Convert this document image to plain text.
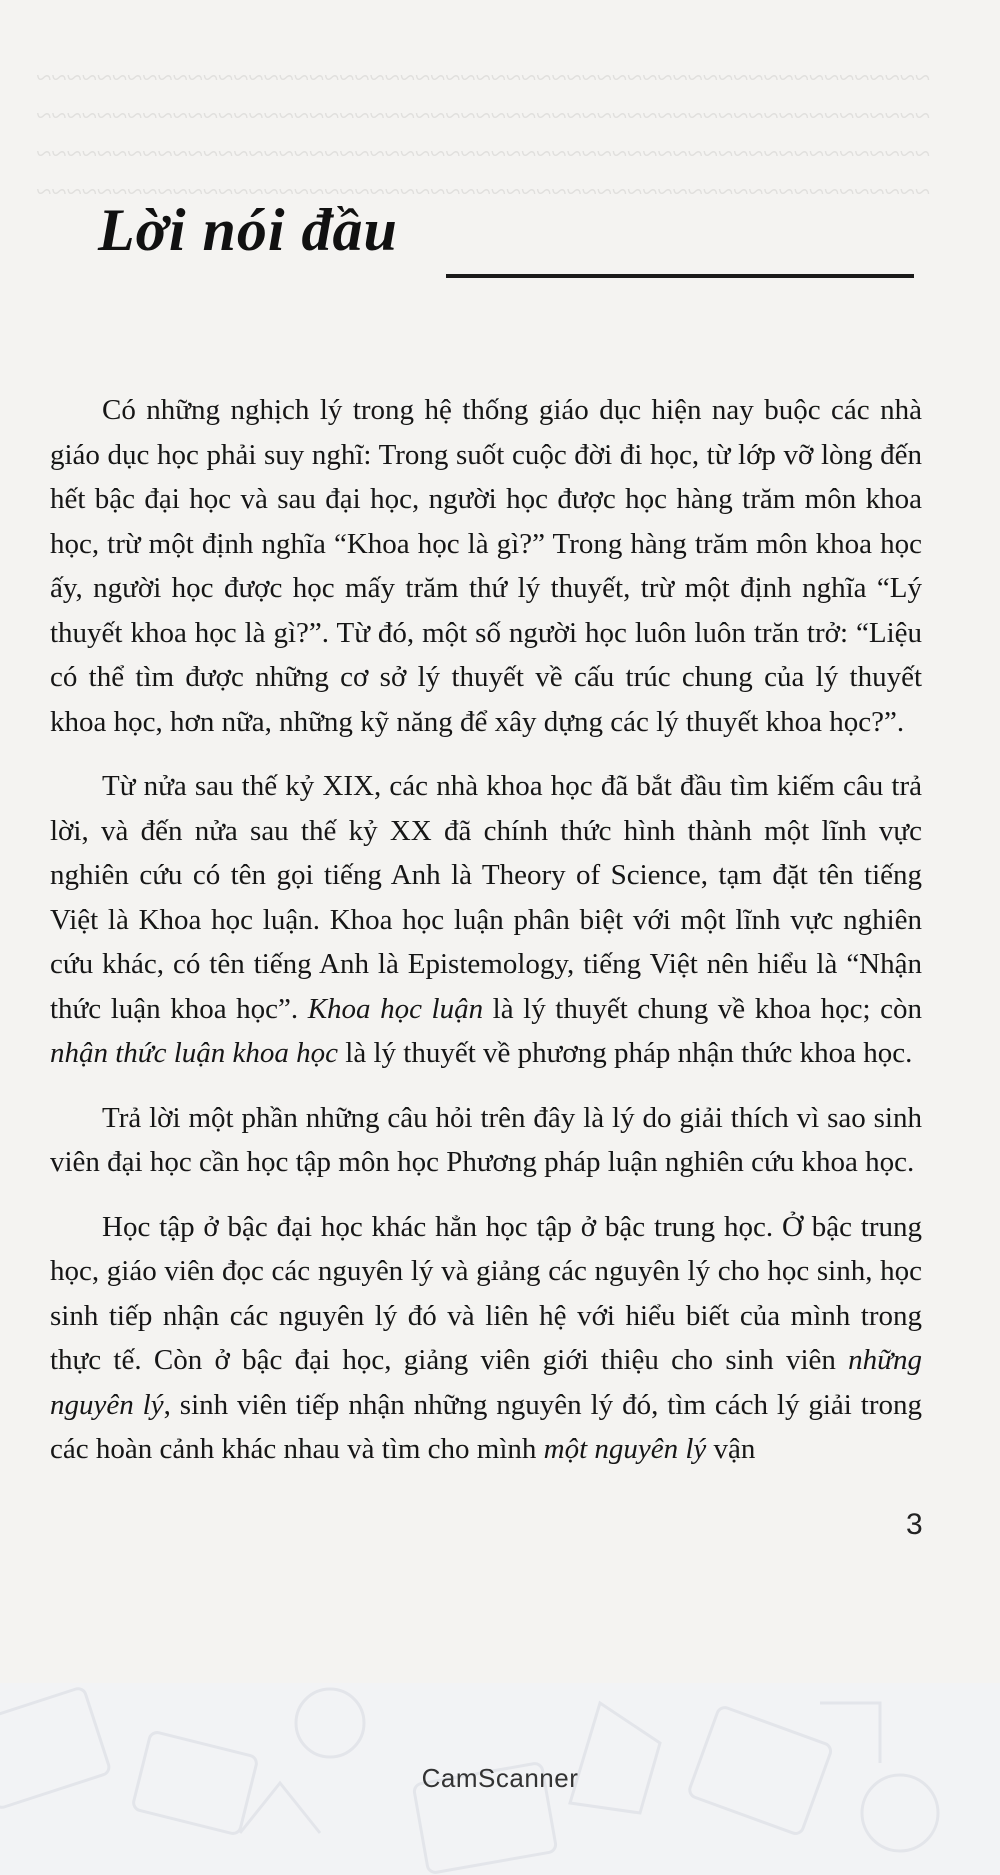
~~~~~~~~~~~~~~~~~~~~~~~~~~~~~~~~~~~~~~~~~~~~~~~~~~~~~~~~~~~
~~~~~~~~~~~~~~~~~~~~~~~~~~~~~~~~~~~~~~~~~~~~~~~~~~~~~~~~~~~
~~~~~~~~~~~~~~~~~~~~~~~~~~~~~~~~~~~~~~~~~~~~~~~~~~~~~~~~~~~
~~~~~~~~~~~~~~~~~~~~~~~~~~~~~~~~~~~~~~~~~~~~~~~~~~~~~~~~~~~
Lời nói đầu

Có những nghịch lý trong hệ thống giáo dục hiện nay buộc các nhà giáo dục học phải suy nghĩ: Trong suốt cuộc đời đi học, từ lớp vỡ lòng đến hết bậc đại học và sau đại học, người học được học hàng trăm môn khoa học, trừ một định nghĩa “Khoa học là gì?” Trong hàng trăm môn khoa học ấy, người học được học mấy trăm thứ lý thuyết, trừ một định nghĩa “Lý thuyết khoa học là gì?”. Từ đó, một số người học luôn luôn trăn trở: “Liệu có thể tìm được những cơ sở lý thuyết về cấu trúc chung của lý thuyết khoa học, hơn nữa, những kỹ năng để xây dựng các lý thuyết khoa học?”.

Từ nửa sau thế kỷ XIX, các nhà khoa học đã bắt đầu tìm kiếm câu trả lời, và đến nửa sau thế kỷ XX đã chính thức hình thành một lĩnh vực nghiên cứu có tên gọi tiếng Anh là Theory of Science, tạm đặt tên tiếng Việt là Khoa học luận. Khoa học luận phân biệt với một lĩnh vực nghiên cứu khác, có tên tiếng Anh là Epistemology, tiếng Việt nên hiểu là “Nhận thức luận khoa học”. Khoa học luận là lý thuyết chung về khoa học; còn nhận thức luận khoa học là lý thuyết về phương pháp nhận thức khoa học.

Trả lời một phần những câu hỏi trên đây là lý do giải thích vì sao sinh viên đại học cần học tập môn học Phương pháp luận nghiên cứu khoa học.

Học tập ở bậc đại học khác hẳn học tập ở bậc trung học. Ở bậc trung học, giáo viên đọc các nguyên lý và giảng các nguyên lý cho học sinh, học sinh tiếp nhận các nguyên lý đó và liên hệ với hiểu biết của mình trong thực tế. Còn ở bậc đại học, giảng viên giới thiệu cho sinh viên những nguyên lý, sinh viên tiếp nhận những nguyên lý đó, tìm cách lý giải trong các hoàn cảnh khác nhau và tìm cho mình một nguyên lý vận

3
CamScanner
